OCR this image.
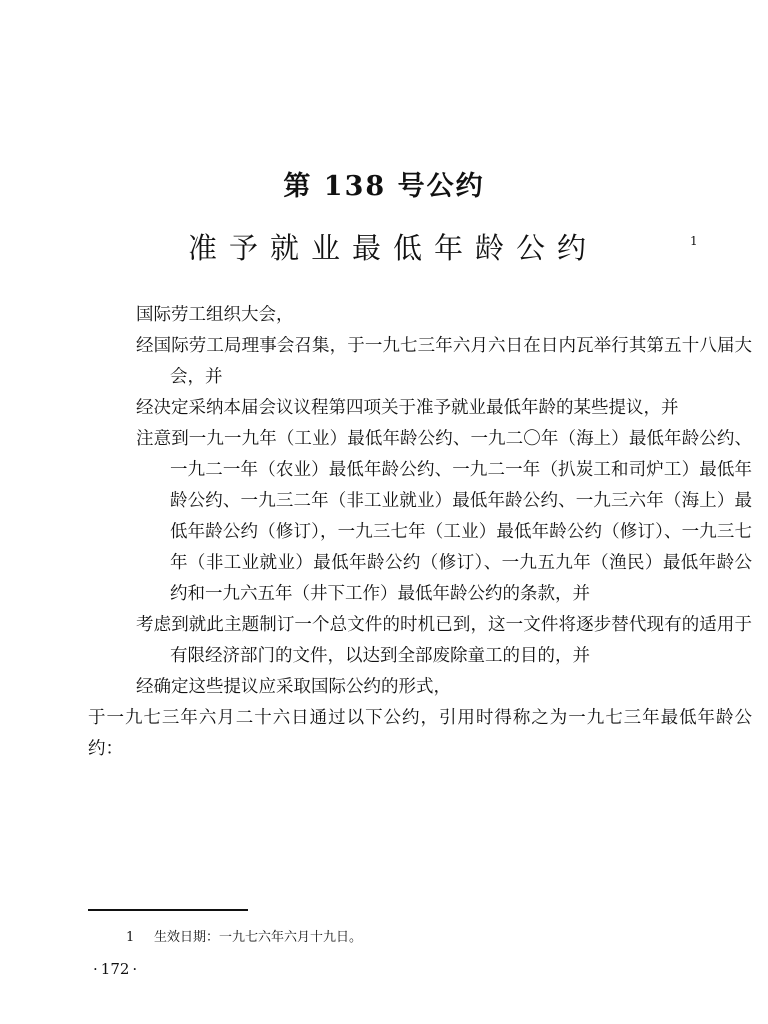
第 138 号公约
准予就业最低年龄公约	1

国际劳工组织大会，

经国际劳工局理事会召集，于一九七三年六月六日在日内瓦举行其第五十八届大会，并

经决定采纳本届会议议程第四项关于准予就业最低年龄的某些提议，并

注意到一九一九年（工业）最低年龄公约、一九二〇年（海上）最低年龄公约、一九二一年（农业）最低年龄公约、一九二一年（扒炭工和司炉工）最低年龄公约、一九三二年（非工业就业）最低年龄公约、一九三六年（海上）最低年龄公约（修订），一九三七年（工业）最低年龄公约（修订）、一九三七年（非工业就业）最低年龄公约（修订）、一九五九年（渔民）最低年龄公约和一九六五年（井下工作）最低年龄公约的条款，并

考虑到就此主题制订一个总文件的时机已到，这一文件将逐步替代现有的适用于有限经济部门的文件，以达到全部废除童工的目的，并

经确定这些提议应采取国际公约的形式，

于一九七三年六月二十六日通过以下公约，引用时得称之为一九七三年最低年龄公约：

1 生效日期：一九七六年六月十九日。
· 172 ·
